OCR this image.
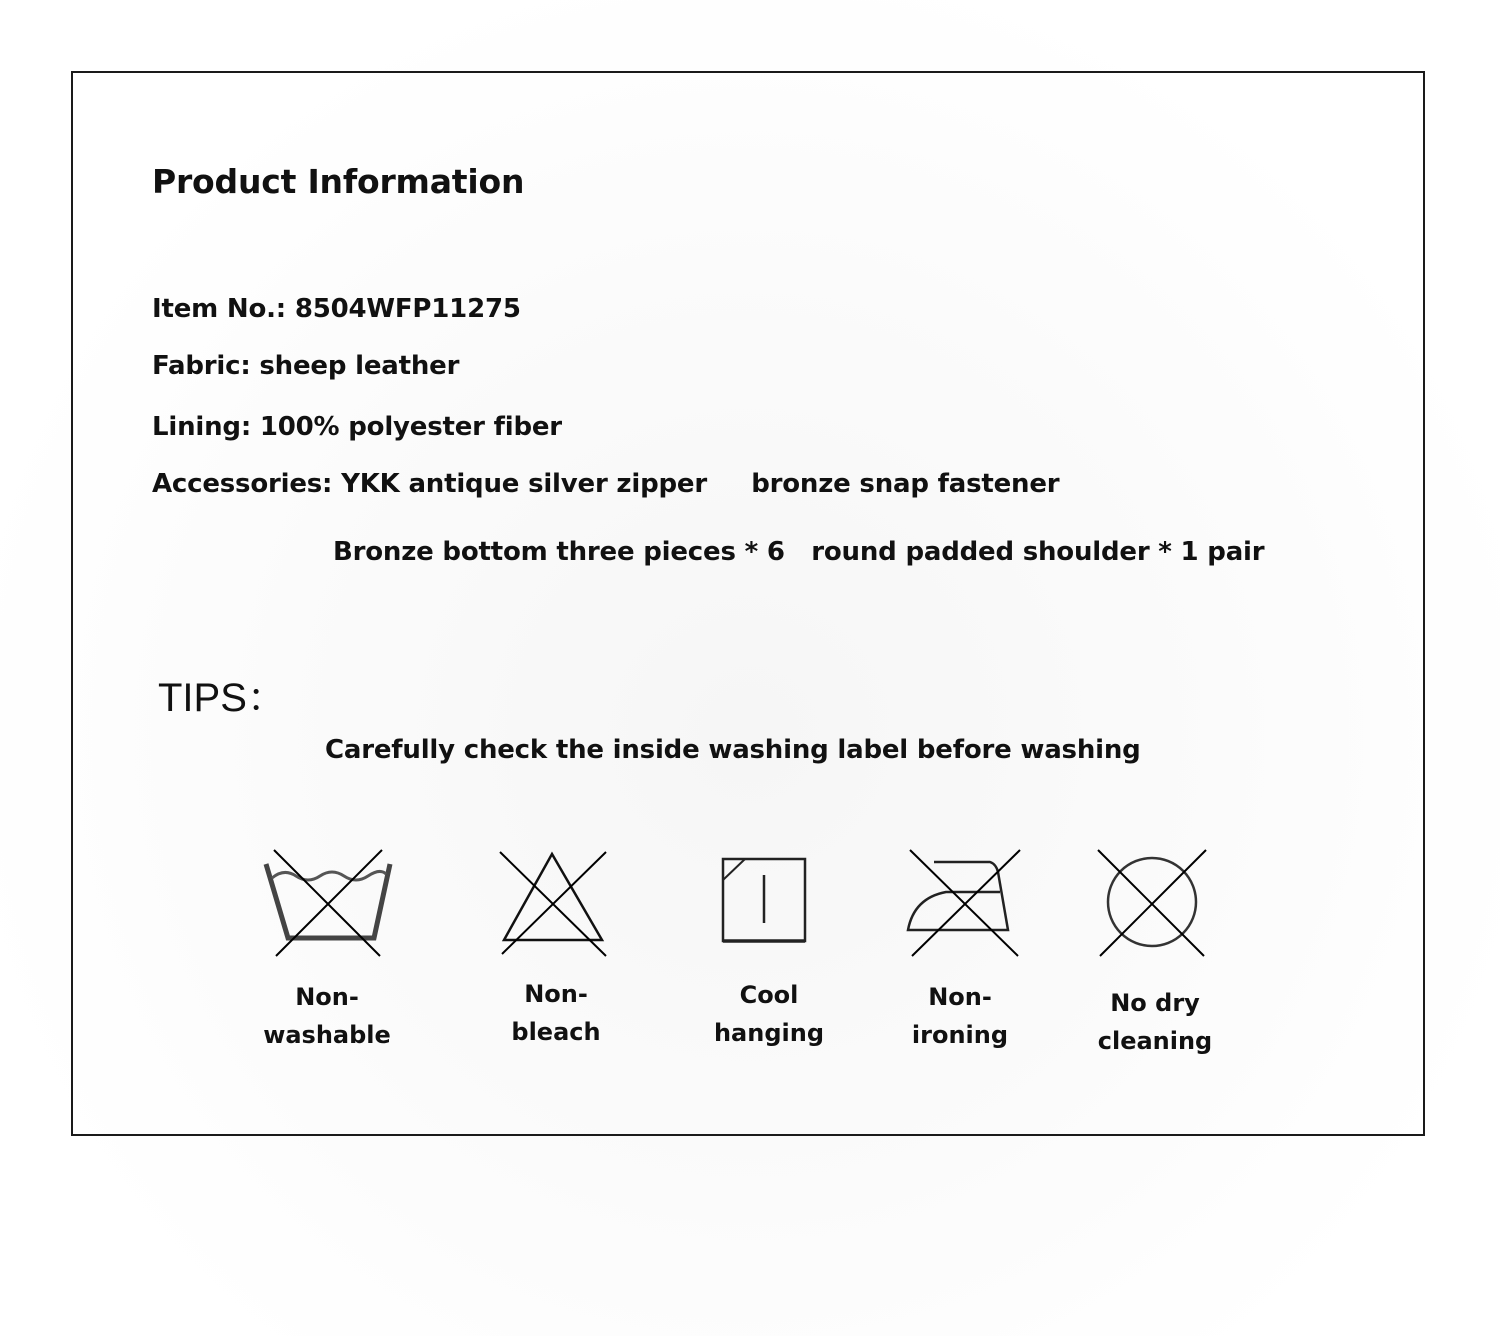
Product Information
Item No.: 8504WFP11275
Fabric: sheep leather
Lining: 100% polyester fiber
Accessories: YKK antique silver zipper     bronze snap fastener
Bronze bottom three pieces * 6   round padded shoulder * 1 pair
TIPS：
Carefully check the inside washing label before washing
Non-
washable
Non-
bleach
Cool
hanging
Non-
ironing
No dry
cleaning
